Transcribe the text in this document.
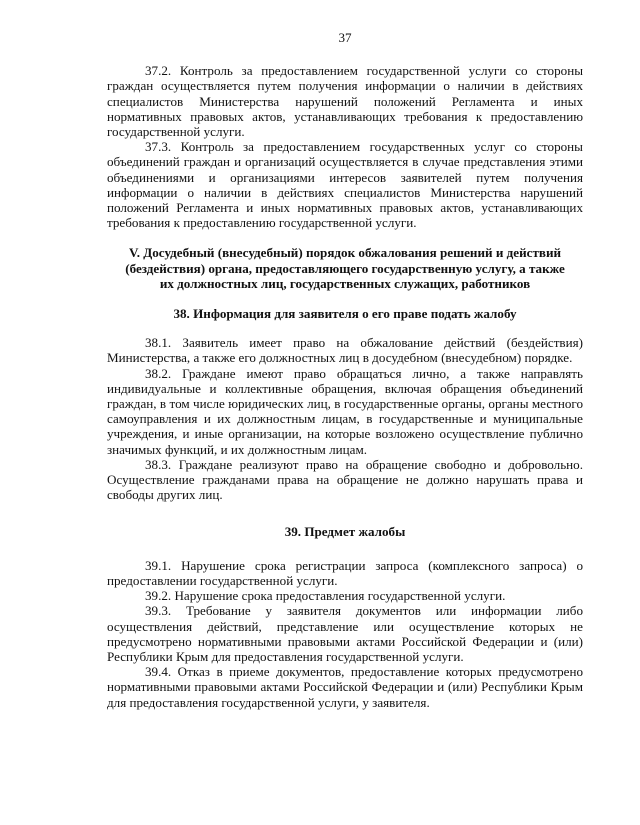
37

37.2. Контроль за предоставлением государственной услуги со стороны граждан осуществляется путем получения информации о наличии в действиях специалистов Министерства нарушений положений Регламента и иных нормативных правовых актов, устанавливающих требования к предоставлению государственной услуги.

37.3. Контроль за предоставлением государственных услуг со стороны объединений граждан и организаций осуществляется в случае представления этими объединениями и организациями интересов заявителей путем получения информации о наличии в действиях специалистов Министерства нарушений положений Регламента и иных нормативных правовых актов, устанавливающих требования к предоставлению государственной услуги.

V. Досудебный (внесудебный) порядок обжалования решений и действий (бездействия) органа, предоставляющего государственную услугу, а также их должностных лиц, государственных служащих, работников

38. Информация для заявителя о его праве подать жалобу

38.1. Заявитель имеет право на обжалование действий (бездействия) Министерства, а также его должностных лиц в досудебном (внесудебном) порядке.

38.2. Граждане имеют право обращаться лично, а также направлять индивидуальные и коллективные обращения, включая обращения объединений граждан, в том числе юридических лиц, в государственные органы, органы местного самоуправления и их должностным лицам, в государственные и муниципальные учреждения, и иные организации, на которые возложено осуществление публично значимых функций, и их должностным лицам.

38.3. Граждане реализуют право на обращение свободно и добровольно. Осуществление гражданами права на обращение не должно нарушать права и свободы других лиц.

39. Предмет жалобы

39.1. Нарушение срока регистрации запроса (комплексного запроса) о предоставлении государственной услуги.

39.2. Нарушение срока предоставления государственной услуги.

39.3. Требование у заявителя документов или информации либо осуществления действий, представление или осуществление которых не предусмотрено нормативными правовыми актами Российской Федерации и (или) Республики Крым для предоставления государственной услуги.

39.4. Отказ в приеме документов, предоставление которых предусмотрено нормативными правовыми актами Российской Федерации и (или) Республики Крым для предоставления государственной услуги, у заявителя.
